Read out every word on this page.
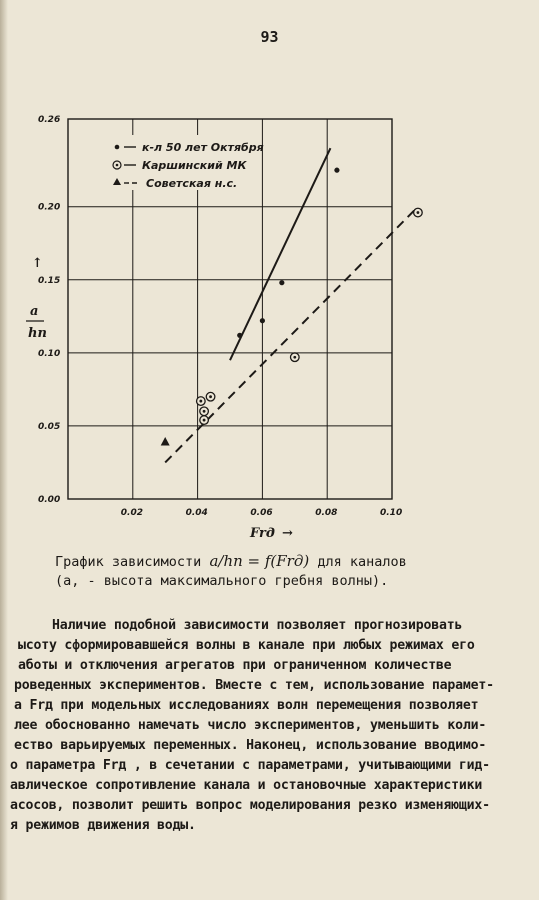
93
0.02	0.04	0.06	0.08	0.10
0.00
0.05
0.10
0.15
0.20
0.26
к-л 50 лет Октября
Каршинский МК
Советская н.с.
a
hп
↑
Frд →
График зависимости a/hп = f(Frд) для каналов
(a, - высота максимального гребня волны).
Наличие подобной зависимости позволяет прогнозировать
ысоту сформировавшейся волны в канале при любых режимах его
аботы и отключения агрегатов при ограниченном количестве
роведенных экспериментов. Вместе с тем, использование парамет-
а Frд при модельных исследованиях волн перемещения позволяет
лее обоснованно намечать число экспериментов, уменьшить коли-
ество варьируемых переменных. Наконец, использование вводимо-
о параметра Frд , в сечетании с параметрами, учитывающими гид-
авлическое сопротивление канала и остановочные характеристики
асосов, позволит решить вопрос моделирования резко изменяющих-
я режимов движения воды.
